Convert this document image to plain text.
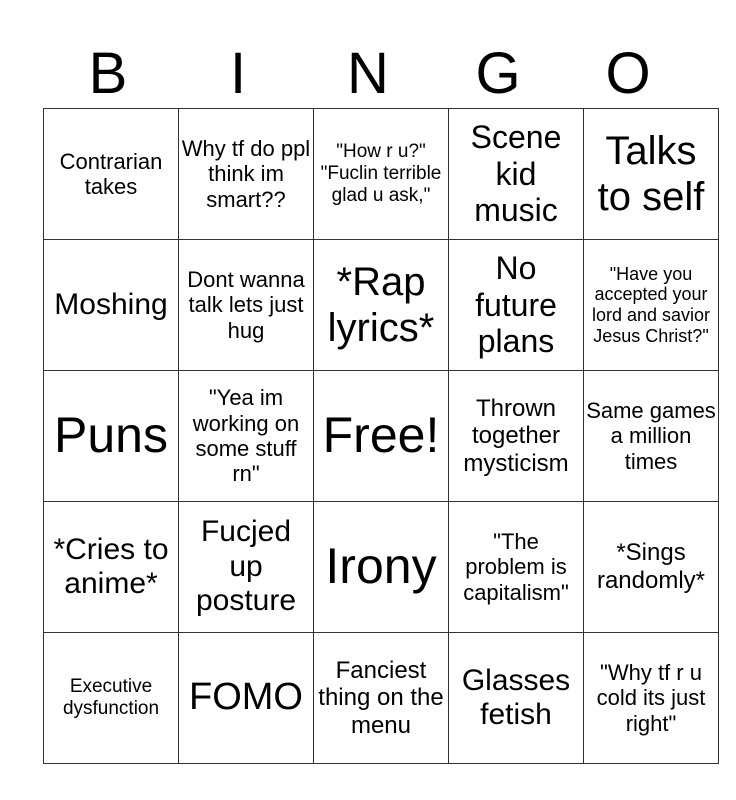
B	I	N	G	O
Contrarian takes	Why tf do ppl think im smart??	"How r u?" "Fuclin terrible glad u ask,"	Scene kid music	Talks to self
Moshing	Dont wanna talk lets just hug	*Rap lyrics*	No future plans	"Have you accepted your lord and savior Jesus Christ?"
Puns	"Yea im working on some stuff rn"	Free!	Thrown together mysticism	Same games a million times
*Cries to anime*	Fucjed up posture	Irony	"The problem is capitalism"	*Sings randomly*
Executive dysfunction	FOMO	Fanciest thing on the menu	Glasses fetish	"Why tf r u cold its just right"
